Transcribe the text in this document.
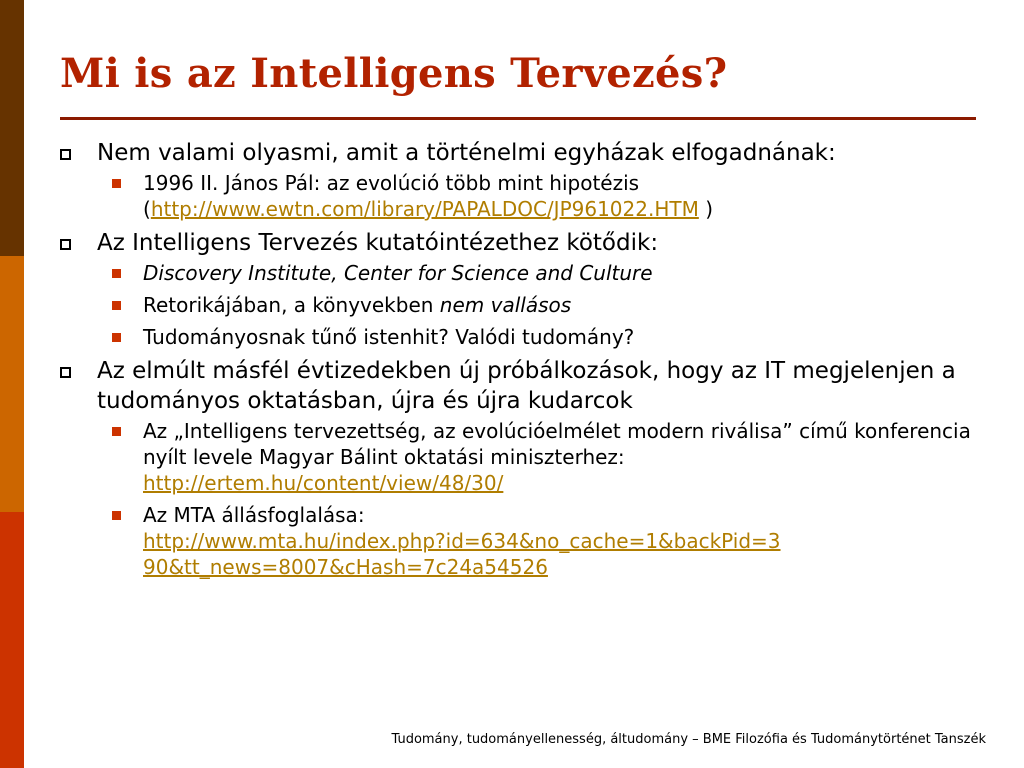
Mi is az Intelligens Tervezés?
Nem valami olyasmi, amit a történelmi egyházak elfogadnának:
1996 II. János Pál: az evolúció több mint hipotézis
(http://www.ewtn.com/library/PAPALDOC/JP961022.HTM )
Az Intelligens Tervezés kutatóintézethez kötődik:
Discovery Institute, Center for Science and Culture
Retorikájában, a könyvekben nem vallásos
Tudományosnak tűnő istenhit? Valódi tudomány?
Az elmúlt másfél évtizedekben új próbálkozások, hogy az IT megjelenjen a tudományos oktatásban, újra és újra kudarcok
Az „Intelligens tervezettség, az evolúcióelmélet modern riválisa” című konferencia nyílt levele Magyar Bálint oktatási miniszterhez: http://ertem.hu/content/view/48/30/
Az MTA állásfoglalása:
http://www.mta.hu/index.php?id=634&no_cache=1&backPid=3
90&tt_news=8007&cHash=7c24a54526
Tudomány, tudományellenesség, áltudomány – BME Filozófia és Tudománytörténet Tanszék
